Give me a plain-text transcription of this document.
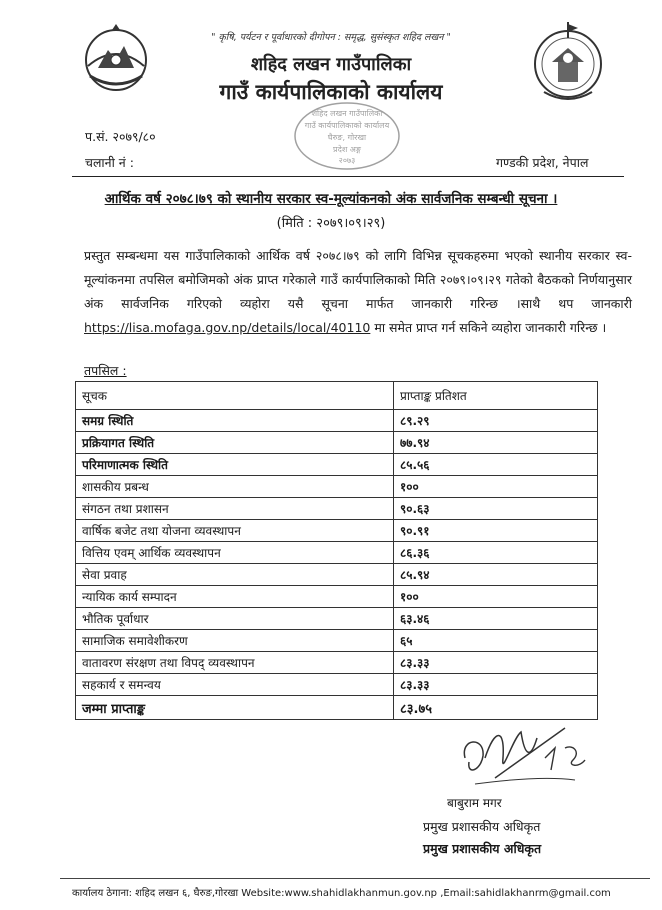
" कृषि, पर्यटन र पूर्वाधारको दीगोपन : समृद्ध, सुसंस्कृत शहिद लखन "
शहिद लखन गाउँपालिका
गाउँ कार्यपालिकाको कार्यालय
शहिद लखन गाउँपालिका
गाउँ कार्यपालिकाको कार्यालय
घैरुङ, गोरखा
प्रदेश अङ्ग
२०७३
प.सं. २०७९/८०
चलानी नं :	गण्डकी प्रदेश, नेपाल
आर्थिक वर्ष २०७८।७९ को स्थानीय सरकार स्व-मूल्यांकनको अंक सार्वजनिक सम्बन्धी सूचना ।
(मिति : २०७९।०९।२९)
प्रस्तुत सम्बन्धमा यस गाउँपालिकाको आर्थिक वर्ष २०७८।७९ को लागि विभिन्न सूचकहरुमा भएको स्थानीय सरकार स्व-मूल्यांकनमा तपसिल बमोजिमको अंक प्राप्त गरेकाले गाउँ कार्यपालिकाको मिति २०७९।०९।२९ गतेको बैठकको निर्णयानुसार अंक सार्वजनिक गरिएको व्यहोरा यसै सूचना मार्फत जानकारी गरिन्छ ।साथै थप जानकारी https://lisa.mofaga.gov.np/details/local/40110 मा समेत प्राप्त गर्न सकिने व्यहोरा जानकारी गरिन्छ ।
तपसिल :
सूचक	प्राप्ताङ्क प्रतिशत
समग्र स्थिति	८९.२९
प्रक्रियागत स्थिति	७७.९४
परिमाणात्मक स्थिति	८५.५६
शासकीय प्रबन्ध	१००
संगठन तथा प्रशासन	९०.६३
वार्षिक बजेट तथा योजना व्यवस्थापन	९०.९१
वित्तिय एवम् आर्थिक व्यवस्थापन	८६.३६
सेवा प्रवाह	८५.९४
न्यायिक कार्य सम्पादन	१००
भौतिक पूर्वाधार	६३.४६
सामाजिक समावेशीकरण	६५
वातावरण संरक्षण तथा विपद् व्यवस्थापन	८३.३३
सहकार्य र समन्वय	८३.३३
जम्मा प्राप्ताङ्क	८३.७५
बाबुराम मगर
प्रमुख प्रशासकीय अधिकृत
प्रमुख प्रशासकीय अधिकृत
कार्यालय ठेगाना: शहिद लखन ६, घैरुङ,गोरखा Website:www.shahidlakhanmun.gov.np ,Email:sahidlakhanrm@gmail.com
